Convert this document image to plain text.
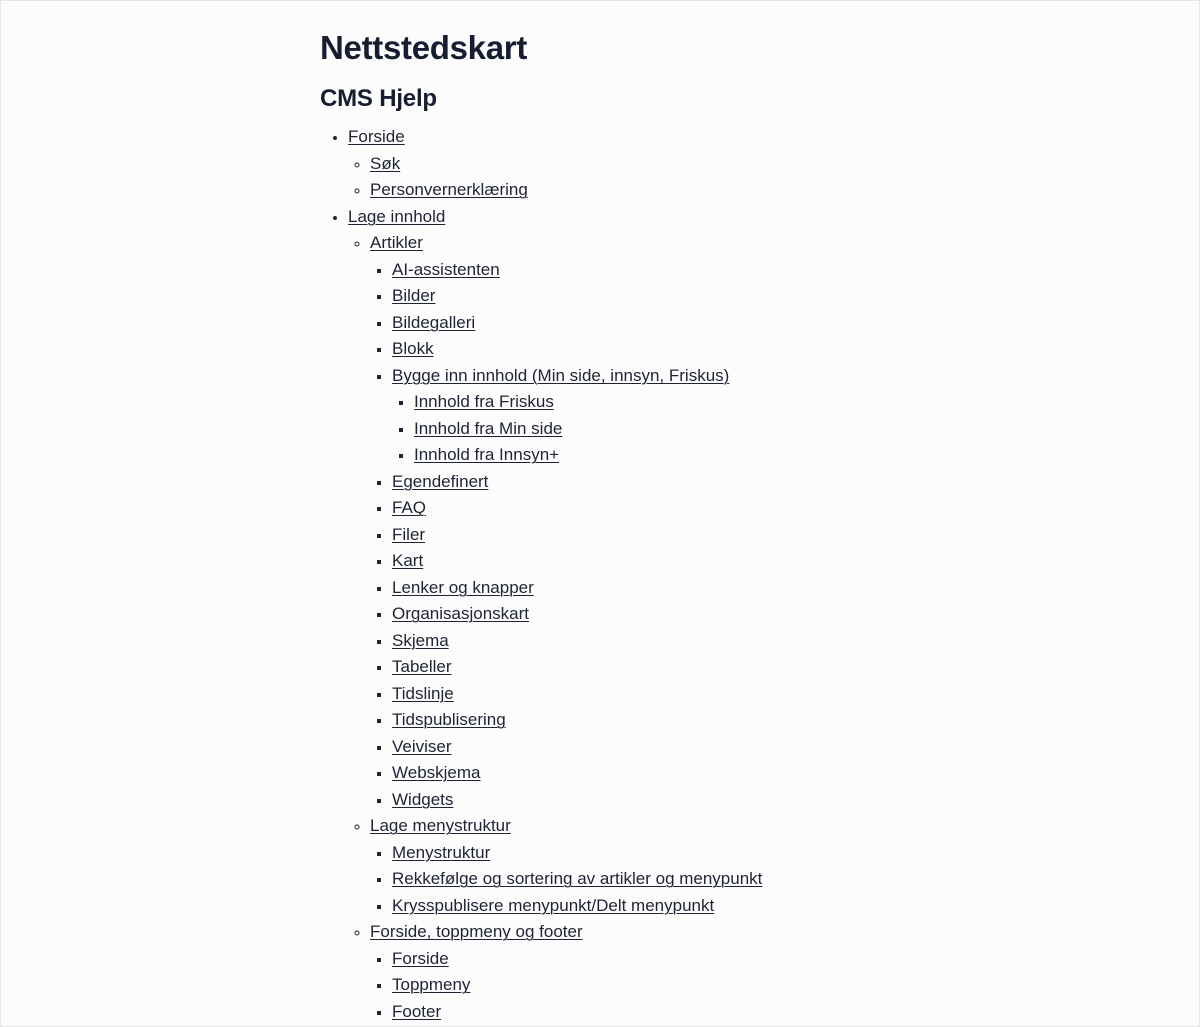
Nettstedskart
CMS Hjelp
• Forside
◦ Søk
◦ Personvernerklæring
• Lage innhold
◦ Artikler
▪ AI-assistenten
▪ Bilder
▪ Bildegalleri
▪ Blokk
▪ Bygge inn innhold (Min side, innsyn, Friskus)
▪ Innhold fra Friskus
▪ Innhold fra Min side
▪ Innhold fra Innsyn+
▪ Egendefinert
▪ FAQ
▪ Filer
▪ Kart
▪ Lenker og knapper
▪ Organisasjonskart
▪ Skjema
▪ Tabeller
▪ Tidslinje
▪ Tidspublisering
▪ Veiviser
▪ Webskjema
▪ Widgets
◦ Lage menystruktur
▪ Menystruktur
▪ Rekkefølge og sortering av artikler og menypunkt
▪ Krysspublisere menypunkt/Delt menypunkt
◦ Forside, toppmeny og footer
▪ Forside
▪ Toppmeny
▪ Footer
